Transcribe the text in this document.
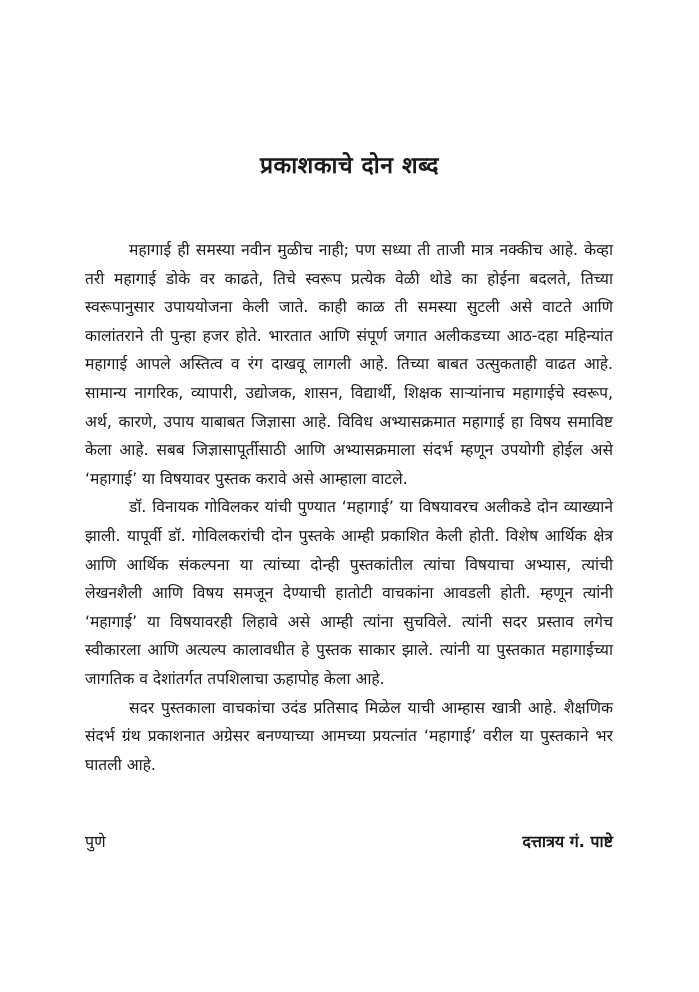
प्रकाशकाचे दोन शब्द

महागाई ही समस्या नवीन मुळीच नाही; पण सध्या ती ताजी मात्र नक्कीच आहे. केव्हा तरी महागाई डोके वर काढते, तिचे स्वरूप प्रत्येक वेळी थोडे का होईना बदलते, तिच्या स्वरूपानुसार उपाययोजना केली जाते. काही काळ ती समस्या सुटली असे वाटते आणि कालांतराने ती पुन्हा हजर होते. भारतात आणि संपूर्ण जगात अलीकडच्या आठ-दहा महिन्यांत महागाई आपले अस्तित्व व रंग दाखवू लागली आहे. तिच्या बाबत उत्सुकताही वाढत आहे. सामान्य नागरिक, व्यापारी, उद्योजक, शासन, विद्यार्थी, शिक्षक साऱ्यांनाच महागाईचे स्वरूप, अर्थ, कारणे, उपाय याबाबत जिज्ञासा आहे. विविध अभ्यासक्रमात महागाई हा विषय समाविष्ट केला आहे. सबब जिज्ञासापूर्तीसाठी आणि अभ्यासक्रमाला संदर्भ म्हणून उपयोगी होईल असे ‘महागाई’ या विषयावर पुस्तक करावे असे आम्हाला वाटले.

डॉ. विनायक गोविलकर यांची पुण्यात ‘महागाई’ या विषयावरच अलीकडे दोन व्याख्याने झाली. यापूर्वी डॉ. गोविलकरांची दोन पुस्तके आम्ही प्रकाशित केली होती. विशेष आर्थिक क्षेत्र आणि आर्थिक संकल्पना या त्यांच्या दोन्ही पुस्तकांतील त्यांचा विषयाचा अभ्यास, त्यांची लेखनशैली आणि विषय समजून देण्याची हातोटी वाचकांना आवडली होती. म्हणून त्यांनी ‘महागाई’ या विषयावरही लिहावे असे आम्ही त्यांना सुचविले. त्यांनी सदर प्रस्ताव लगेच स्वीकारला आणि अत्यल्प कालावधीत हे पुस्तक साकार झाले. त्यांनी या पुस्तकात महागाईच्या जागतिक व देशांतर्गत तपशिलाचा ऊहापोह केला आहे.

सदर पुस्तकाला वाचकांचा उदंड प्रतिसाद मिळेल याची आम्हास खात्री आहे. शैक्षणिक संदर्भ ग्रंथ प्रकाशनात अग्रेसर बनण्याच्या आमच्या प्रयत्नांत ‘महागाई’ वरील या पुस्तकाने भर घातली आहे.

पुणे	दत्तात्रय गं. पाष्टे
